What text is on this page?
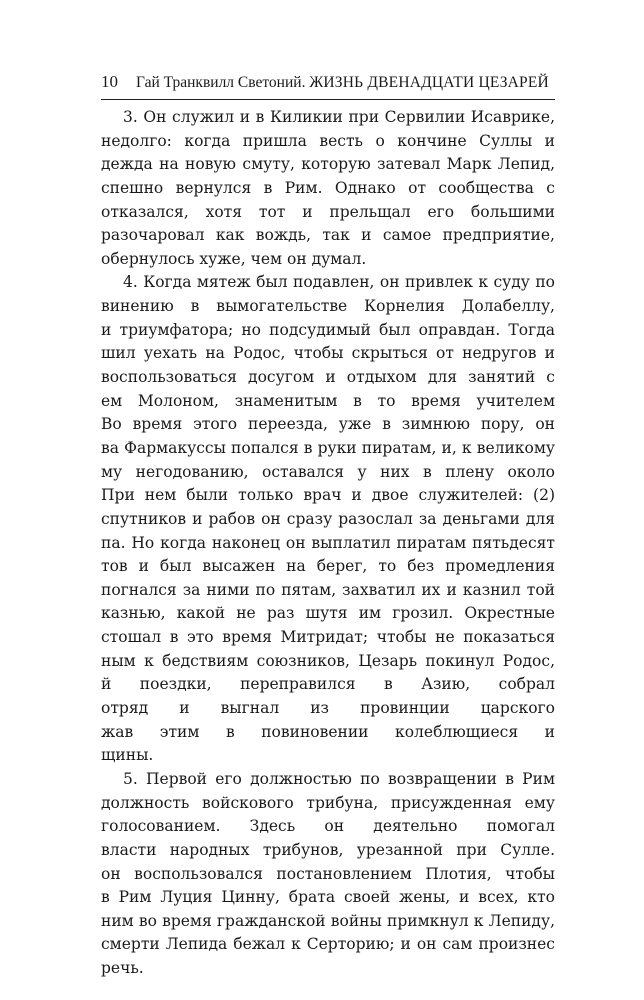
10 Гай Транквилл Светоний. ЖИЗНЬ ДВЕНАДЦАТИ ЦЕЗАРЕЙ
3. Он служил и в Киликии при Сервилии Исаврике,
недолго: когда пришла весть о кончине Суллы и
дежда на новую смуту, которую затевал Марк Лепид,
спешно вернулся в Рим. Однако от сообщества с
отказался, хотя тот и прельщал его большими
разочаровал как вождь, так и самое предприятие,
обернулось хуже, чем он думал.
4. Когда мятеж был подавлен, он привлек к суду по
винению в вымогательстве Корнелия Долабеллу,
и триумфатора; но подсудимый был оправдан. Тогда
шил уехать на Родос, чтобы скрыться от недругов и
воспользоваться досугом и отдыхом для занятий с
ем Молоном, знаменитым в то время учителем
Во время этого переезда, уже в зимнюю пору, он
ва Фармакуссы попался в руки пиратам, и, к великому
му негодованию, оставался у них в плену около
При нем были только врач и двое служителей: (2)
спутников и рабов он сразу разослал за деньгами для
па. Но когда наконец он выплатил пиратам пятьдесят
тов и был высажен на берег, то без промедления
погнался за ними по пятам, захватил их и казнил той
казнью, какой не раз шутя им грозил. Окрестные
стошал в это время Митридат; чтобы не показаться
ным к бедствиям союзников, Цезарь покинул Родос,
й поездки, переправился в Азию, собрал
отряд и выгнал из провинции царского
жав этим в повиновении колеблющиеся и
щины.
5. Первой его должностью по возвращении в Рим
должность войскового трибуна, присужденная ему
голосованием. Здесь он деятельно помогал
власти народных трибунов, урезанной при Сулле.
он воспользовался постановлением Плотия, чтобы
в Рим Луция Цинну, брата своей жены, и всех, кто
ним во время гражданской войны примкнул к Лепиду,
смерти Лепида бежал к Серторию; и он сам произнес
речь.
